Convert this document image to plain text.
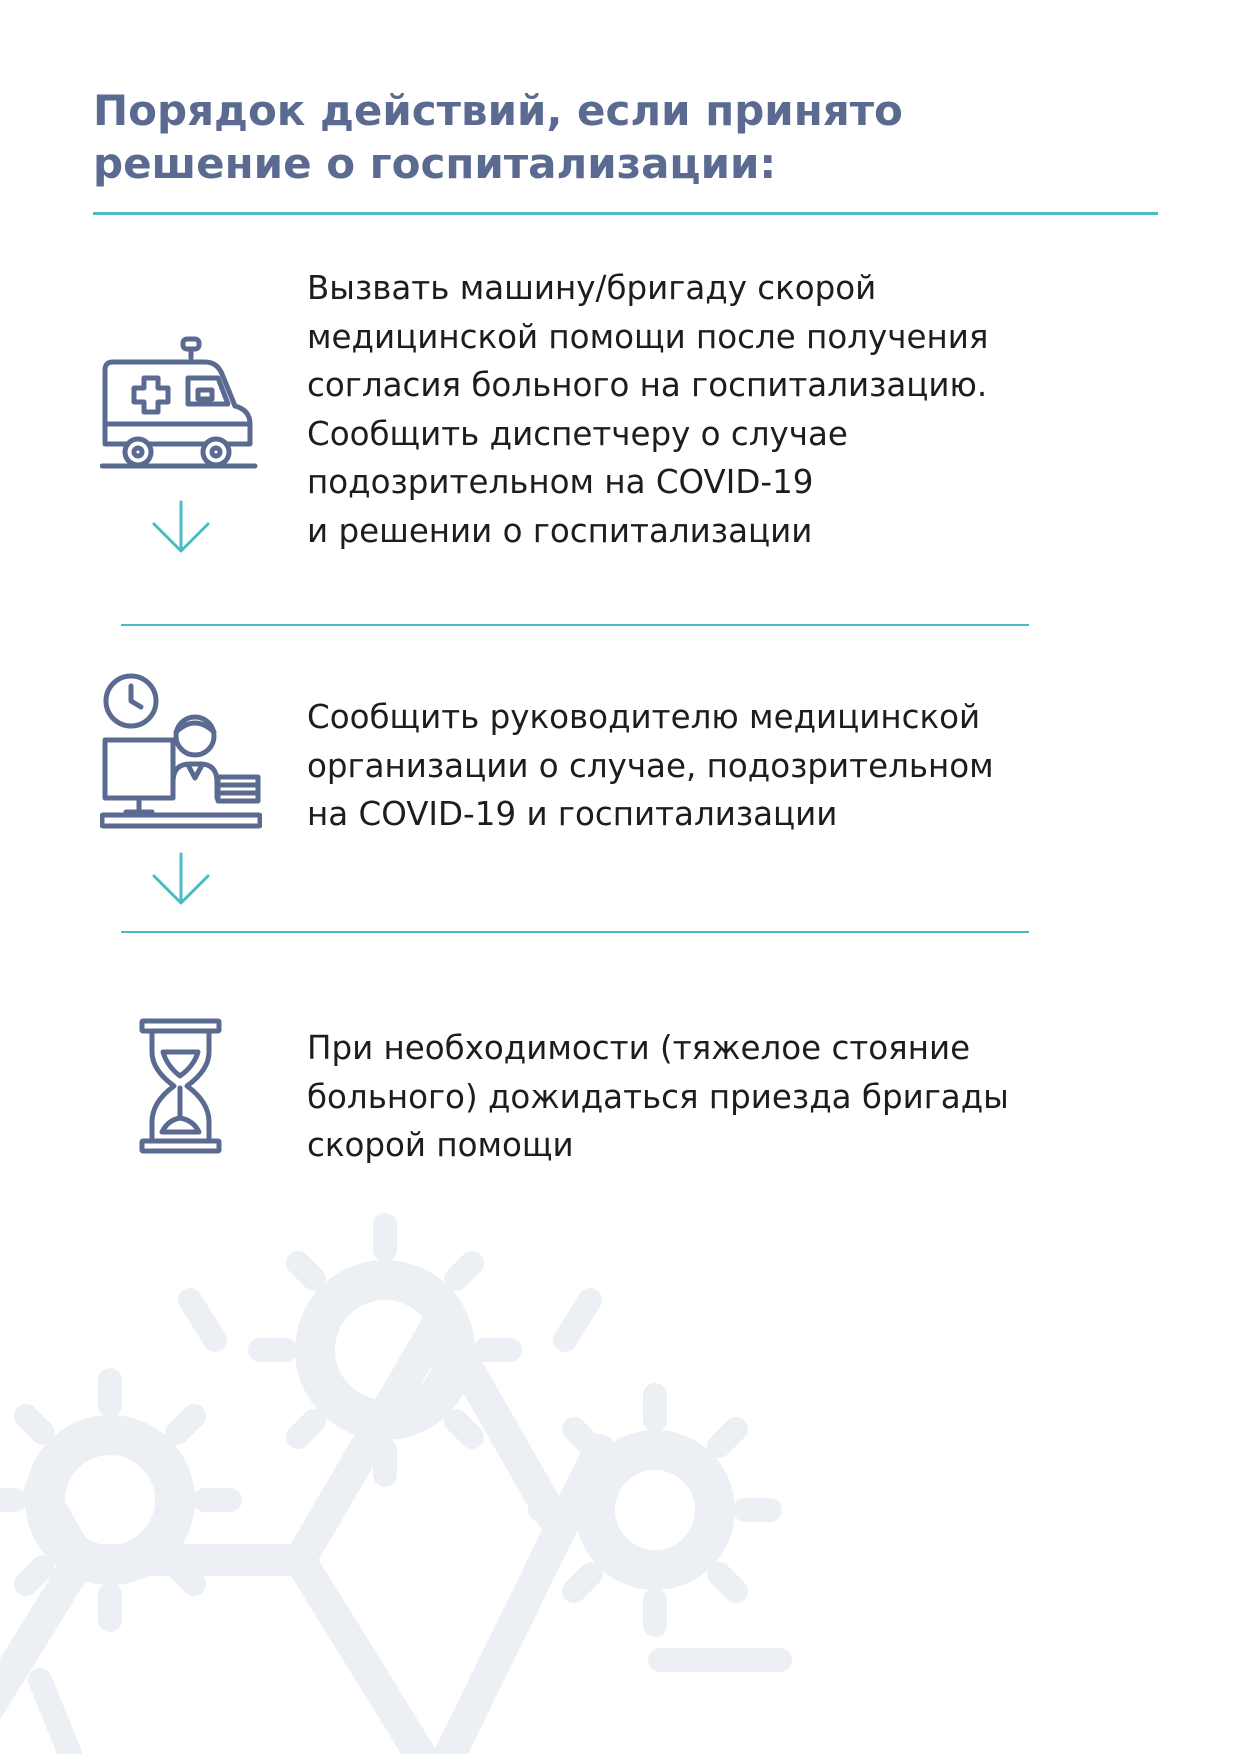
Порядок действий, если принято
решение о госпитализации:
Вызвать машину/бригаду скорой
медицинской помощи после получения
согласия больного на госпитализацию.
Сообщить диспетчеру о случае
подозрительном на COVID-19
и решении о госпитализации
Сообщить руководителю медицинской
организации о случае, подозрительном
на COVID-19 и госпитализации
При необходимости (тяжелое стояние
больного) дожидаться приезда бригады
скорой помощи
